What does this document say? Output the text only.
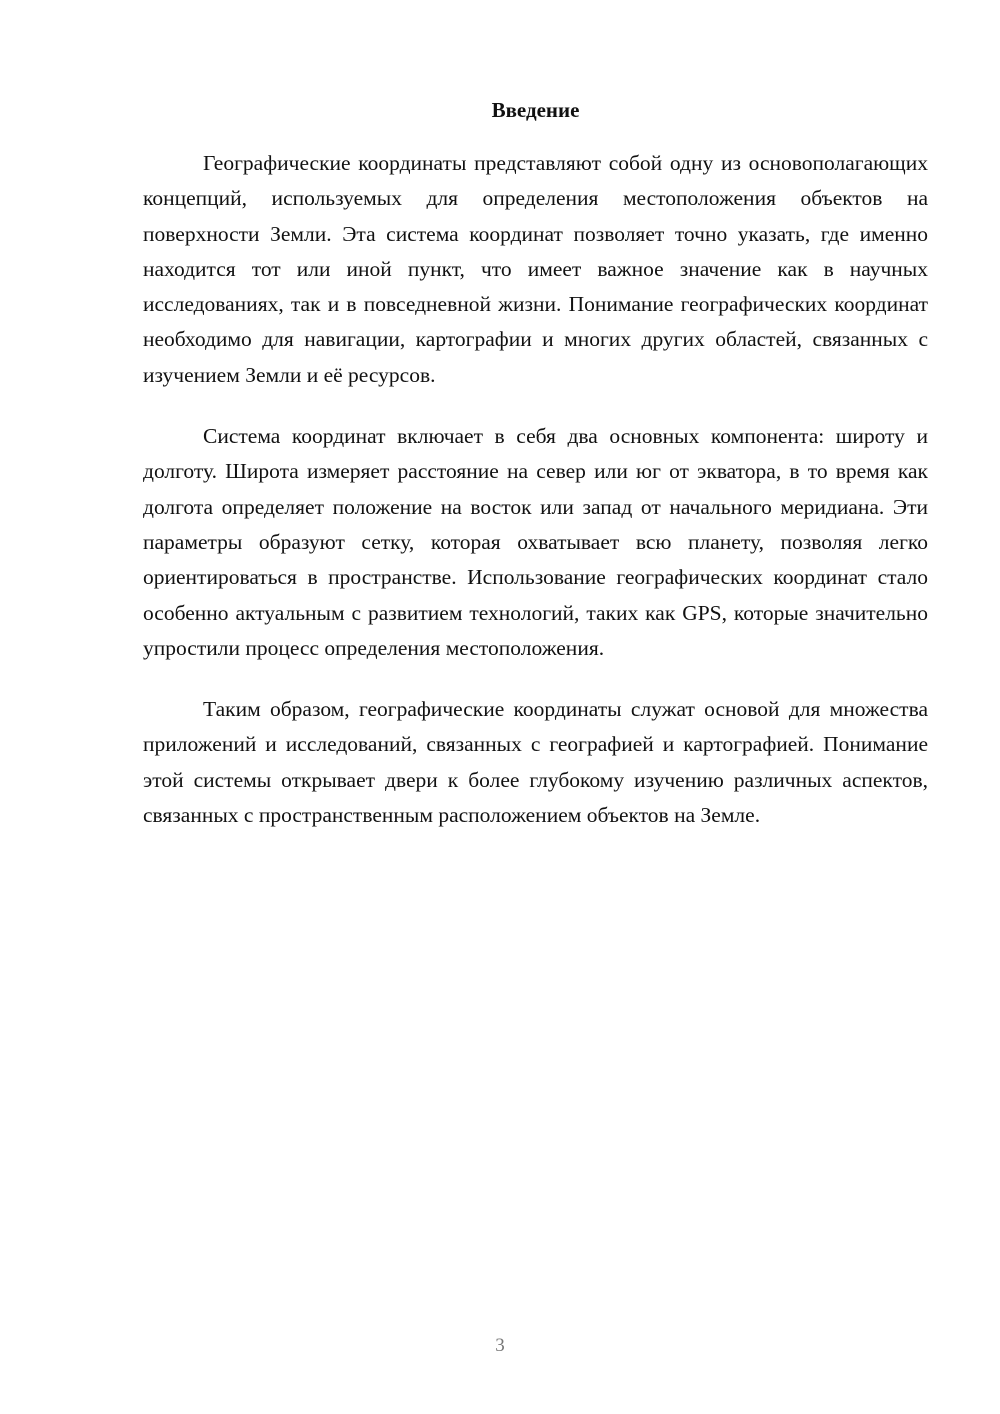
Введение

Географические координаты представляют собой одну из основополагающих концепций, используемых для определения местоположения объектов на поверхности Земли. Эта система координат позволяет точно указать, где именно находится тот или иной пункт, что имеет важное значение как в научных исследованиях, так и в повседневной жизни. Понимание географических координат необходимо для навигации, картографии и многих других областей, связанных с изучением Земли и её ресурсов.

Система координат включает в себя два основных компонента: широту и долготу. Широта измеряет расстояние на север или юг от экватора, в то время как долгота определяет положение на восток или запад от начального меридиана. Эти параметры образуют сетку, которая охватывает всю планету, позволяя легко ориентироваться в пространстве. Использование географических координат стало особенно актуальным с развитием технологий, таких как GPS, которые значительно упростили процесс определения местоположения.

Таким образом, географические координаты служат основой для множества приложений и исследований, связанных с географией и картографией. Понимание этой системы открывает двери к более глубокому изучению различных аспектов, связанных с пространственным расположением объектов на Земле.

3
